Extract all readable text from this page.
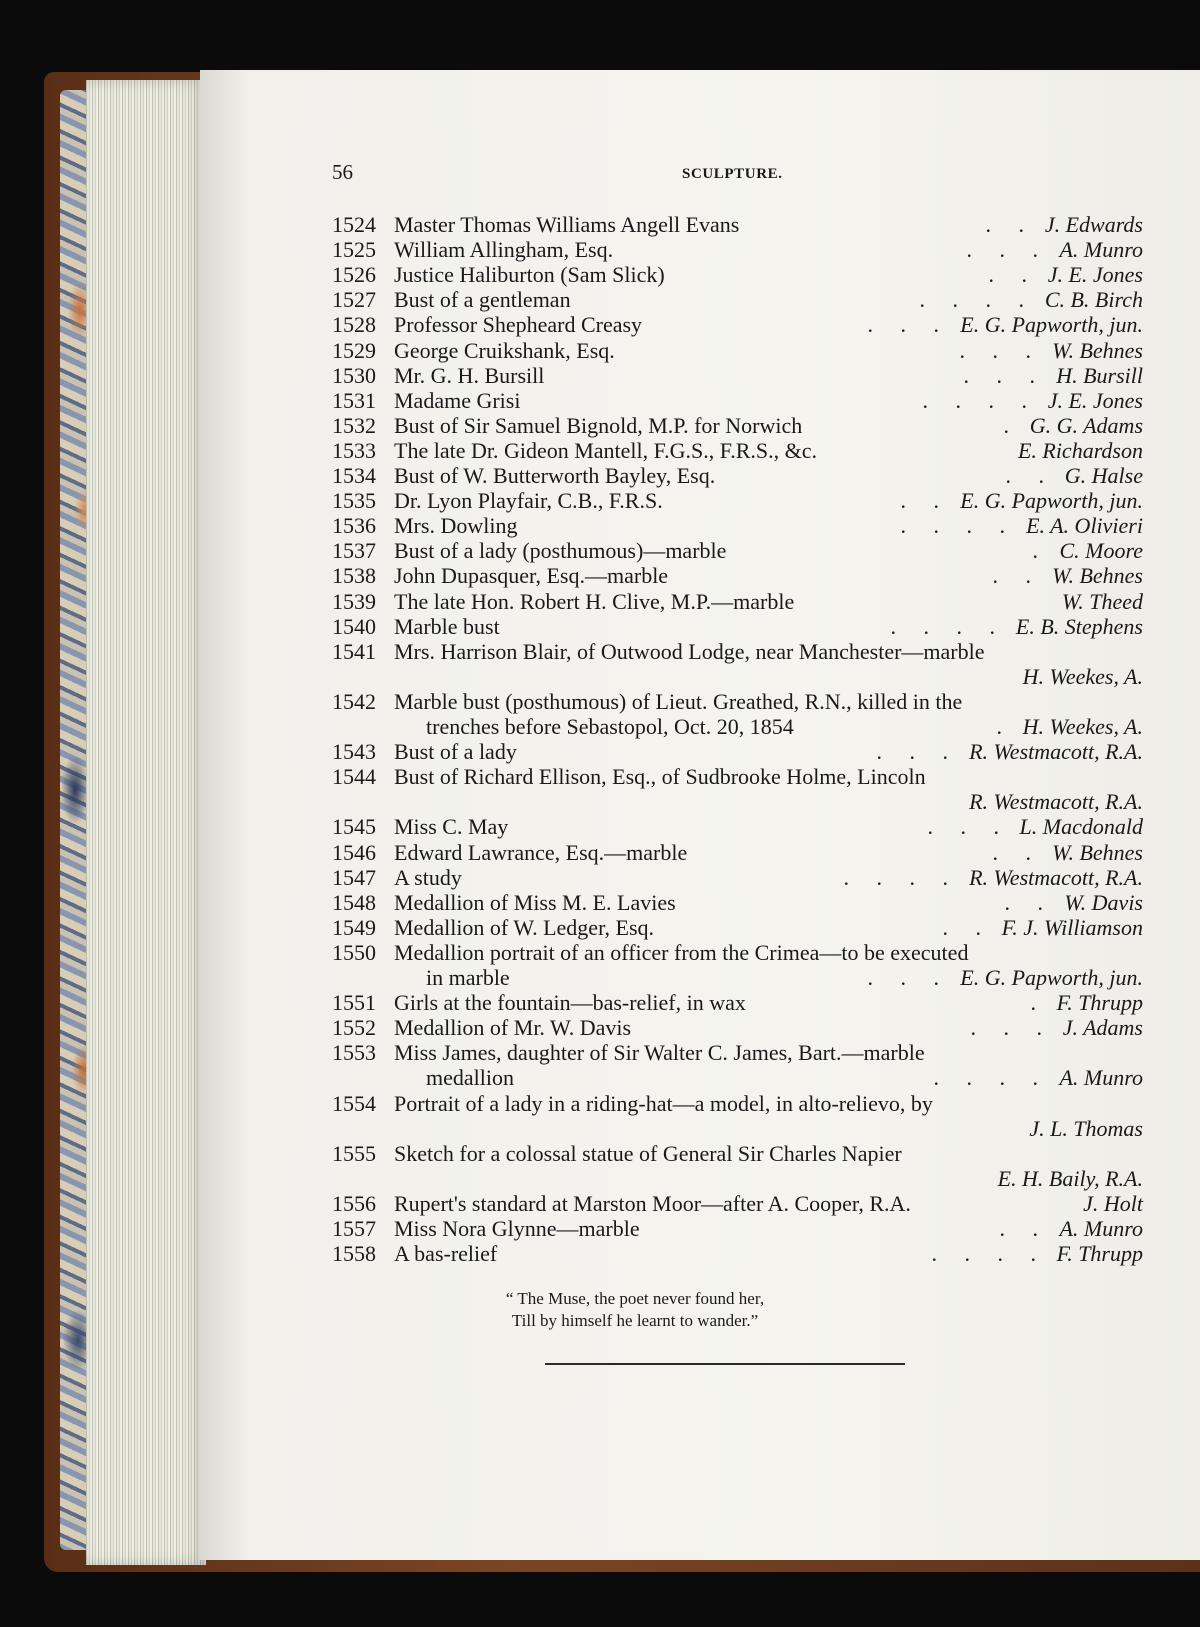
56	SCULPTURE.
1524 Master Thomas Williams Angell Evans	. . J. Edwards
1525 William Allingham, Esq.	. . . A. Munro
1526 Justice Haliburton (Sam Slick)	. . J. E. Jones
1527 Bust of a gentleman	. . . . C. B. Birch
1528 Professor Shepheard Creasy	. . . E. G. Papworth, jun.
1529 George Cruikshank, Esq.	. . . W. Behnes
1530 Mr. G. H. Bursill	. . . H. Bursill
1531 Madame Grisi	. . . . J. E. Jones
1532 Bust of Sir Samuel Bignold, M.P. for Norwich	. G. G. Adams
1533 The late Dr. Gideon Mantell, F.G.S., F.R.S., &c.	E. Richardson
1534 Bust of W. Butterworth Bayley, Esq.	. . G. Halse
1535 Dr. Lyon Playfair, C.B., F.R.S.	. . E. G. Papworth, jun.
1536 Mrs. Dowling	. . . . E. A. Olivieri
1537 Bust of a lady (posthumous)—marble	. C. Moore
1538 John Dupasquer, Esq.—marble	. . W. Behnes
1539 The late Hon. Robert H. Clive, M.P.—marble	W. Theed
1540 Marble bust	. . . . E. B. Stephens
1541 Mrs. Harrison Blair, of Outwood Lodge, near Manchester—marble
H. Weekes, A.
1542 Marble bust (posthumous) of Lieut. Greathed, R.N., killed in the
trenches before Sebastopol, Oct. 20, 1854	. H. Weekes, A.
1543 Bust of a lady	. . . R. Westmacott, R.A.
1544 Bust of Richard Ellison, Esq., of Sudbrooke Holme, Lincoln
R. Westmacott, R.A.
1545 Miss C. May	. . . L. Macdonald
1546 Edward Lawrance, Esq.—marble	. . W. Behnes
1547 A study	. . . . R. Westmacott, R.A.
1548 Medallion of Miss M. E. Lavies	. . W. Davis
1549 Medallion of W. Ledger, Esq.	. . F. J. Williamson
1550 Medallion portrait of an officer from the Crimea—to be executed
in marble	. . . E. G. Papworth, jun.
1551 Girls at the fountain—bas-relief, in wax	. F. Thrupp
1552 Medallion of Mr. W. Davis	. . . J. Adams
1553 Miss James, daughter of Sir Walter C. James, Bart.—marble
medallion	. . . . A. Munro
1554 Portrait of a lady in a riding-hat—a model, in alto-relievo, by
J. L. Thomas
1555 Sketch for a colossal statue of General Sir Charles Napier
E. H. Baily, R.A.
1556 Rupert's standard at Marston Moor—after A. Cooper, R.A.	J. Holt
1557 Miss Nora Glynne—marble	. . A. Munro
1558 A bas-relief	. . . . F. Thrupp
“ The Muse, the poet never found her,
Till by himself he learnt to wander.”
